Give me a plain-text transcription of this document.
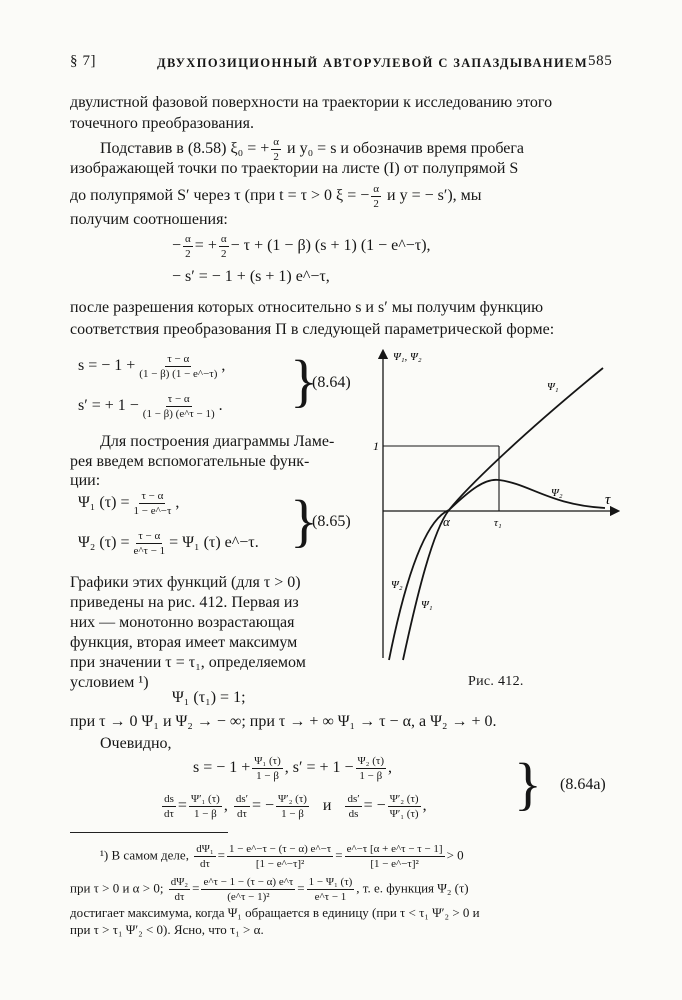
§ 7]	ДВУХПОЗИЦИОННЫЙ АВТОРУЛЕВОЙ С ЗАПАЗДЫВАНИЕМ 585
двулистной фазовой поверхности на траектории к исследованию этого
точечного преобразования.
Подставив в (8.58) ξ₀ = + $\frac{\alpha}{2}$ и y₀ = s и обозначив время пробега
изображающей точки по траектории на листе (I) от полупрямой S
до полупрямой S′ через τ (при t = τ > 0 ξ = − $\frac{\alpha}{2}$ и y = − s′), мы
получим соотношения:
− $\frac{\alpha}{2}$ = + $\frac{\alpha}{2} - \tau + (1 - \beta) (s + 1) (1$ − e^−τ),
− s′ = − 1 + (s + 1) e^−τ,
после разрешения которых относительно s и s′ мы получим функцию
соответствия преобразования Π в следующей параметрической форме:
s = − $1 + \frac{\tau - \alpha}{(1 - \beta) (1 - e\^{}-\tau)}$ ,
s′ = + $1 - \frac{\tau - \alpha}{(1 - \beta) (e\^{}\tau - 1)}$ . }
(8.64)
Для построения диаграммы Ламе-
рея введем вспомогательные функ-
ции:
Ψ₁ $(\tau) = \frac{\tau - \alpha}{1 - e\^{}-\tau}$ ,
Ψ₂ $(\tau) = \frac{\tau - \alpha}{e\^{}\tau - 1} = \Psi_1$ (τ) e^−τ. }
(8.65)
Графики этих функций (для τ > 0)
приведены на рис. 412. Первая из
них — монотонно возрастающая
функция, вторая имеет максимум
при значении τ = τ₁, определяемом
условием ¹)
Ψ₁ (τ₁) = 1;
при τ → 0 Ψ₁ и Ψ₂ → − ∞; при τ → + ∞ Ψ₁ → τ − α, а Ψ₂ → + 0.
Очевидно,
s = − $1 + \frac{\text{Ψ₁ (τ)}}{1 - \beta}$ , s′ = + $1 - \frac{\text{Ψ₂ (τ)}}{1 - \beta}$ ,
$\frac{ds}{d\tau} = \frac{\text{Ψ′₁ (τ)}}{1 - \beta}$ , $\frac{ds'}{d\tau}$ = − $\frac{\text{Ψ′₂ (τ)}}{1 - \beta}$ и $\frac{ds'}{ds}$ = − $\frac{\text{Ψ′₂ (τ)}}{\text{Ψ′₁ (τ)}}$ , } (8.64a)
¹) В самом деле, $\frac{\text{dΨ₁}}{d\tau} = \frac{1 - e\^{}-\tau - (\tau - \alpha) e\^{}-\tau}{\text{[1 − e\textasciicircum{}−τ]²}} = \frac{e\^{}-\tau [\alpha + e\^{}\tau - \tau - 1]}{\text{[1 − e\textasciicircum{}−τ]²}} > 0$
при τ > 0 и α > 0; $\frac{\text{dΨ₂}}{d\tau} = \frac{e\^{}\tau - 1 - (\tau - \alpha) e\^{}\tau}{\text{(e\textasciicircum{}τ − 1)²}} = \frac{\text{1 − Ψ₁ (τ)}}{e\^{}\tau - 1}$ , т. е. функция Ψ₂ (τ)
достигает максимума, когда Ψ₁ обращается в единицу (при τ < τ₁ Ψ′₂ > 0 и
при τ > τ₁ Ψ′₂ < 0). Ясно, что τ₁ > α.
Ψ₁, Ψ₂
τ
1
α	τ₁
Ψ₁
Ψ₂
Ψ₂
Ψ₁
Рис. 412.
